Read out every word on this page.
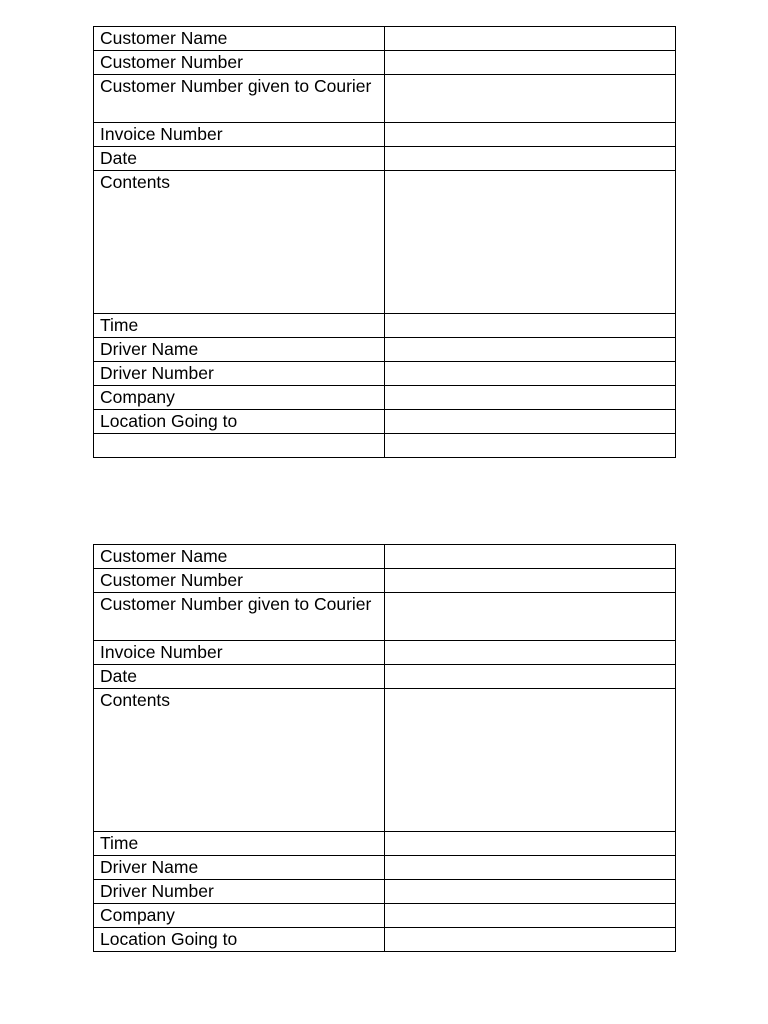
Customer Name	
Customer Number	
Customer Number given to Courier	
Invoice Number	
Date	
Contents	
Time	
Driver Name	
Driver Number	
Company	
Location Going to	

Customer Name	
Customer Number	
Customer Number given to Courier	
Invoice Number	
Date	
Contents	
Time	
Driver Name	
Driver Number	
Company	
Location Going to	
